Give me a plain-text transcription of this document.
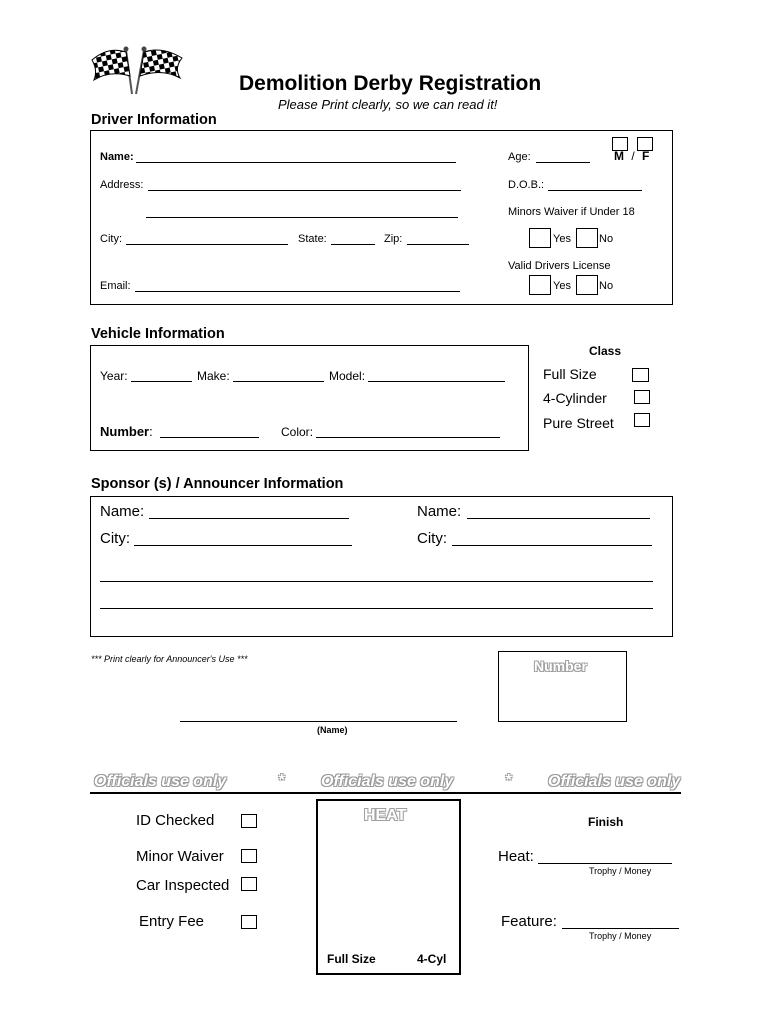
Demolition Derby Registration
Please Print clearly, so we can read it!
Driver Information
Name:	Age:	M / F
Address:	D.O.B.:
Minors Waiver if Under 18
City:	State:	Zip:	Yes	No
Valid Drivers License
Email:	Yes	No
Vehicle Information
Year:	Make:	Model:
Number:	Color:
Class
Full Size
4-Cylinder
Pure Street
Sponsor (s) / Announcer Information
Name:	Name:
City:	City:
*** Print clearly for Announcer's Use ***	Number
(Name)
Officials use only	* Officials use only	* Officials use only
ID Checked
Minor Waiver
Car Inspected
Entry Fee
HEAT
Full Size	4-Cyl
Finish
Heat:
Trophy / Money
Feature:
Trophy / Money
